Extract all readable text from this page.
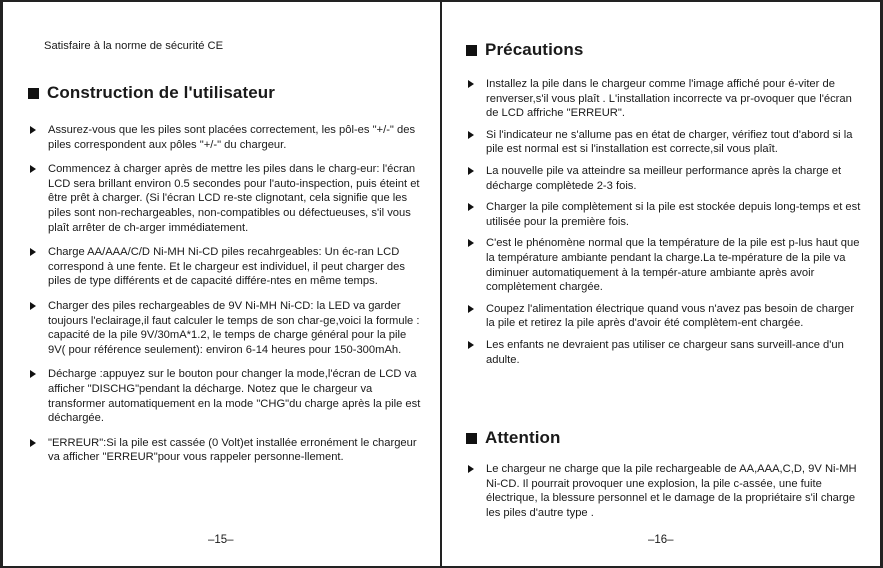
Satisfaire à la norme de sécurité CE

Construction de l'utilisateur
Assurez-vous que les piles sont placées correctement, les pôl-es "+/-" des piles correspondent aux pôles "+/-" du chargeur.
Commencez à charger après de mettre les piles dans le charg-eur: l'écran LCD sera brillant environ 0.5 secondes pour l'auto-inspection, puis éteint et être prêt à charger. (Si l'écran LCD re-ste clignotant, cela signifie que les piles sont non-rechargeables, non-compatibles ou défectueuses, s'il vous plaît arrêter de ch-arger immédiatement.
Charge AA/AAA/C/D Ni-MH Ni-CD piles recahrgeables: Un éc-ran LCD correspond à une fente. Et le chargeur est individuel, il peut charger des piles de type différents et de capacité différe-ntes en même temps.
Charger des piles rechargeables de 9V Ni-MH Ni-CD: la LED va garder toujours l'eclairage,il faut calculer le temps de son char-ge,voici la formule : capacité de la pile 9V/30mA*1.2, le temps de charge général pour la pile 9V( pour référence seulement): environ 6-14 heures pour 150-300mAh.
Décharge :appuyez sur le bouton pour changer la mode,l'écran de LCD va afficher "DISCHG"pendant la décharge. Notez que le chargeur va transformer automatiquement en la mode "CHG"du charge après la pile est déchargée.
"ERREUR":Si la pile est cassée (0 Volt)et installée erronément le chargeur va afficher "ERREUR"pour vous rappeler personne-llement.

–15–

Précautions
Installez la pile dans le chargeur comme l'image affiché pour é-viter de renverser,s'il vous plaît . L'installation incorrecte va pr-ovoquer que l'écran de LCD affriche "ERREUR".
Si l'indicateur ne s'allume pas en état de charger, vérifiez tout d'abord si la pile est normal est si l'installation est correcte,sil vous plaît.
La nouvelle pile va atteindre sa meilleur performance après la charge et décharge complètede 2-3 fois.
Charger la pile complètement si la pile est stockée depuis long-temps et est utilisée pour la première fois.
C'est le phénomène normal que la température de la pile est p-lus haut que la température ambiante pendant la charge.La te-mpérature de la pile va diminuer automatiquement à la tempér-ature ambiante après avoir complètement chargée.
Coupez l'alimentation électrique quand vous n'avez pas besoin de charger la pile et retirez la pile après d'avoir été complètem-ent chargée.
Les enfants ne devraient pas utiliser ce chargeur sans surveill-ance d'un adulte.
Attention
Le chargeur ne charge que la pile rechargeable de AA,AAA,C,D, 9V Ni-MH Ni-CD. Il pourrait provoquer une explosion, la pile c-assée, une fuite électrique, la blessure personnel et le damage de la propriétaire s'il charge les piles d'autre type .

–16–
